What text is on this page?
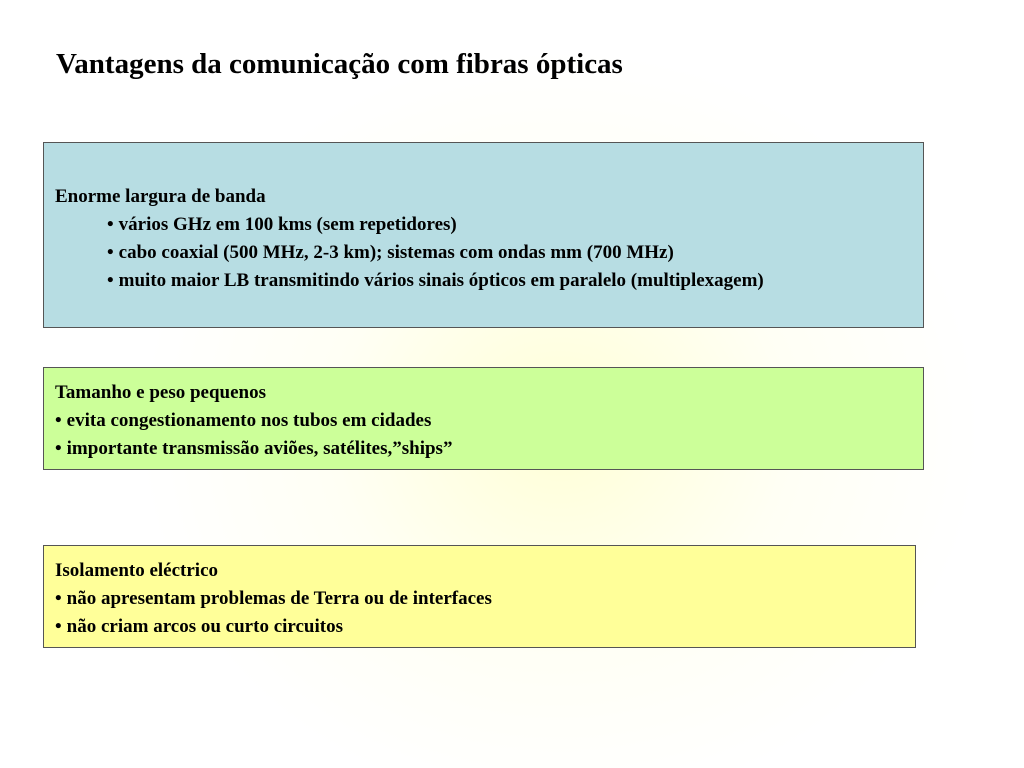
Vantagens da comunicação com fibras ópticas
Enorme largura de banda
• vários GHz em 100 kms (sem repetidores)
• cabo coaxial (500 MHz, 2-3 km); sistemas com ondas mm (700 MHz)
• muito maior LB transmitindo vários sinais ópticos em paralelo (multiplexagem)
Tamanho e peso pequenos
• evita congestionamento nos tubos em cidades
• importante transmissão aviões, satélites,”ships”
Isolamento eléctrico
• não apresentam problemas de Terra ou de interfaces
• não criam arcos ou curto circuitos
